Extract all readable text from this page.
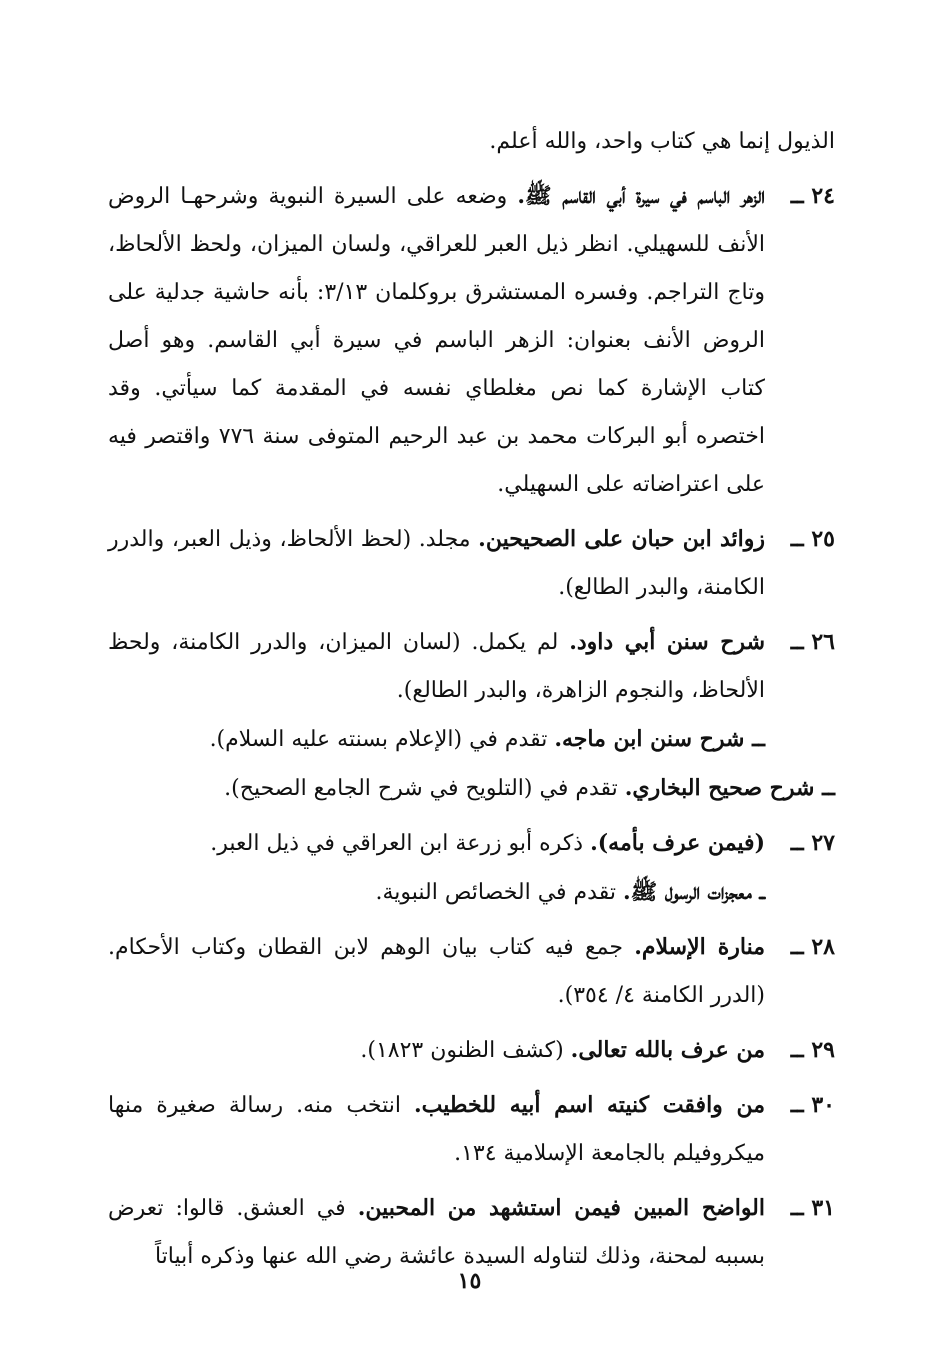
الذيول إنما هي كتاب واحد، والله أعلم.

٢٤ ــ

الزهر الباسم في سيرة أبي القاسم ﷺ. وضعه على السيرة النبوية وشرحهـا الروض الأنف للسهيلي. انظر ذيل العبر للعراقي، ولسان الميزان، ولحظ الألحاظ، وتاج التراجم. وفسره المستشرق بروكلمان ٣/١٣: بأنه حاشية جدلية على الروض الأنف بعنوان: الزهر الباسم في سيرة أبي القاسم. وهو أصل كتاب الإشارة كما نص مغلطاي نفسه في المقدمة كما سيأتي. وقد اختصره أبو البركات محمد بن عبد الرحيم المتوفى سنة ٧٧٦ واقتصر فيه على اعتراضاته على السهيلي.

٢٥ ــ

زوائد ابن حبان على الصحيحين. مجلد. (لحظ الألحاظ، وذيل العبر، والدرر الكامنة، والبدر الطالع).

٢٦ ــ

شرح سنن أبي داود. لم يكمل. (لسان الميزان، والدرر الكامنة، ولحظ الألحاظ، والنجوم الزاهرة، والبدر الطالع).

ــ شرح سنن ابن ماجه. تقدم في (الإعلام بسنته عليه السلام).

ــ شرح صحيح البخاري. تقدم في (التلويح في شرح الجامع الصحيح).

٢٧ ــ

(فيمن عرف بأمه). ذكره أبو زرعة ابن العراقي في ذيل العبر.

ــ معجزات الرسول ﷺ. تقدم في الخصائص النبوية.

٢٨ ــ

منارة الإسلام. جمع فيه كتاب بيان الوهم لابن القطان وكتاب الأحكام. (الدرر الكامنة ٤/ ٣٥٤).

٢٩ ــ

من عرف بالله تعالى. (كشف الظنون ١٨٢٣).

٣٠ ــ

من وافقت كنيته اسم أبيه للخطيب. انتخب منه. رسالة صغيرة منها ميكروفيلم بالجامعة الإسلامية ١٣٤.

٣١ ــ

الواضح المبين فيمن استشهد من المحبين. في العشق. قالوا: تعرض بسببه لمحنة، وذلك لتناوله السيدة عائشة رضي الله عنها وذكره أبياتاً

١٥
